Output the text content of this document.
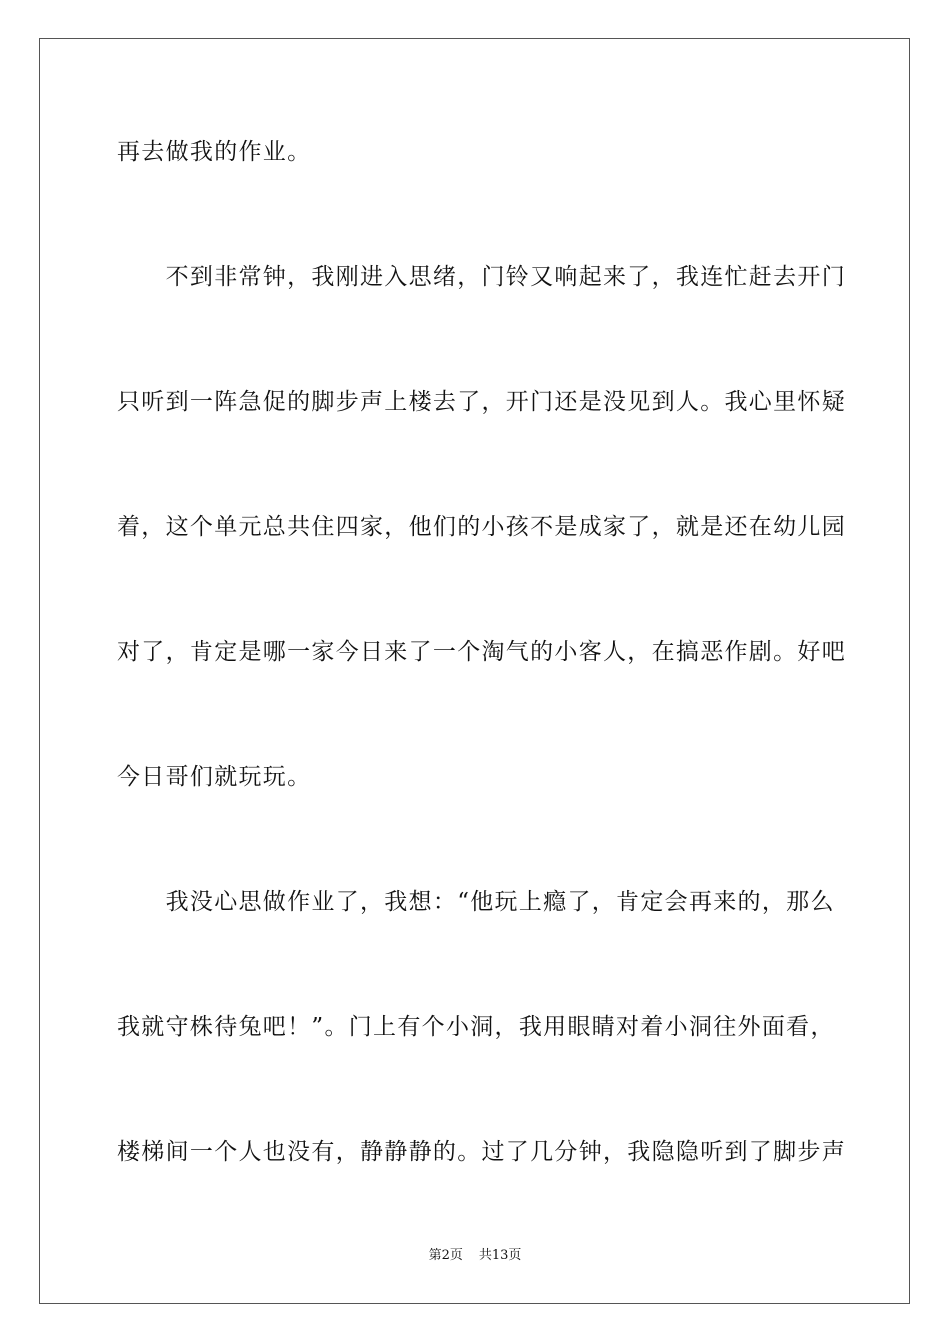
再去做我的作业。
　　不到非常钟，我刚进入思绪，门铃又响起来了，我连忙赶去开门
只听到一阵急促的脚步声上楼去了，开门还是没见到人。我心里怀疑
着，这个单元总共住四家，他们的小孩不是成家了，就是还在幼儿园
对了，肯定是哪一家今日来了一个淘气的小客人，在搞恶作剧。好吧
今日哥们就玩玩。
　　我没心思做作业了，我想：“他玩上瘾了，肯定会再来的，那么
我就守株待兔吧！”。门上有个小洞，我用眼睛对着小洞往外面看，
楼梯间一个人也没有，静静静的。过了几分钟，我隐隐听到了脚步声
第2页 共13页
